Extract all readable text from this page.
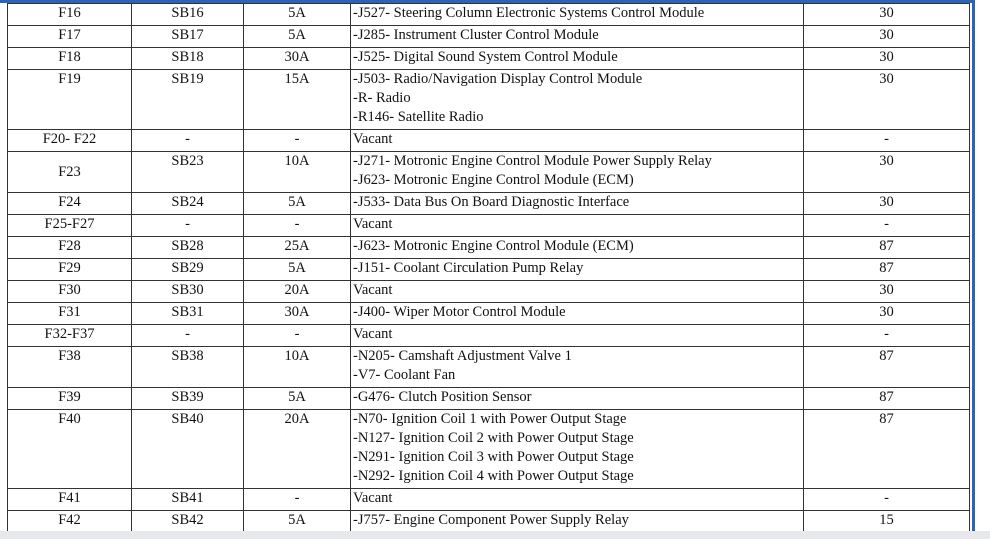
F16	SB16	5A	-J527- Steering Column Electronic Systems Control Module	30
F17	SB17	5A	-J285- Instrument Cluster Control Module	30
F18	SB18	30A	-J525- Digital Sound System Control Module	30
F19	SB19	15A	-J503- Radio/Navigation Display Control Module
-R- Radio
-R146- Satellite Radio	30
F20- F22	-	-	Vacant	-
F23	SB23	10A	-J271- Motronic Engine Control Module Power Supply Relay
-J623- Motronic Engine Control Module (ECM)	30
F24	SB24	5A	-J533- Data Bus On Board Diagnostic Interface	30
F25-F27	-	-	Vacant	-
F28	SB28	25A	-J623- Motronic Engine Control Module (ECM)	87
F29	SB29	5A	-J151- Coolant Circulation Pump Relay	87
F30	SB30	20A	Vacant	30
F31	SB31	30A	-J400- Wiper Motor Control Module	30
F32-F37	-	-	Vacant	-
F38	SB38	10A	-N205- Camshaft Adjustment Valve 1
-V7- Coolant Fan	87
F39	SB39	5A	-G476- Clutch Position Sensor	87
F40	SB40	20A	-N70- Ignition Coil 1 with Power Output Stage
-N127- Ignition Coil 2 with Power Output Stage
-N291- Ignition Coil 3 with Power Output Stage
-N292- Ignition Coil 4 with Power Output Stage	87
F41	SB41	-	Vacant	-
F42	SB42	5A	-J757- Engine Component Power Supply Relay	15
